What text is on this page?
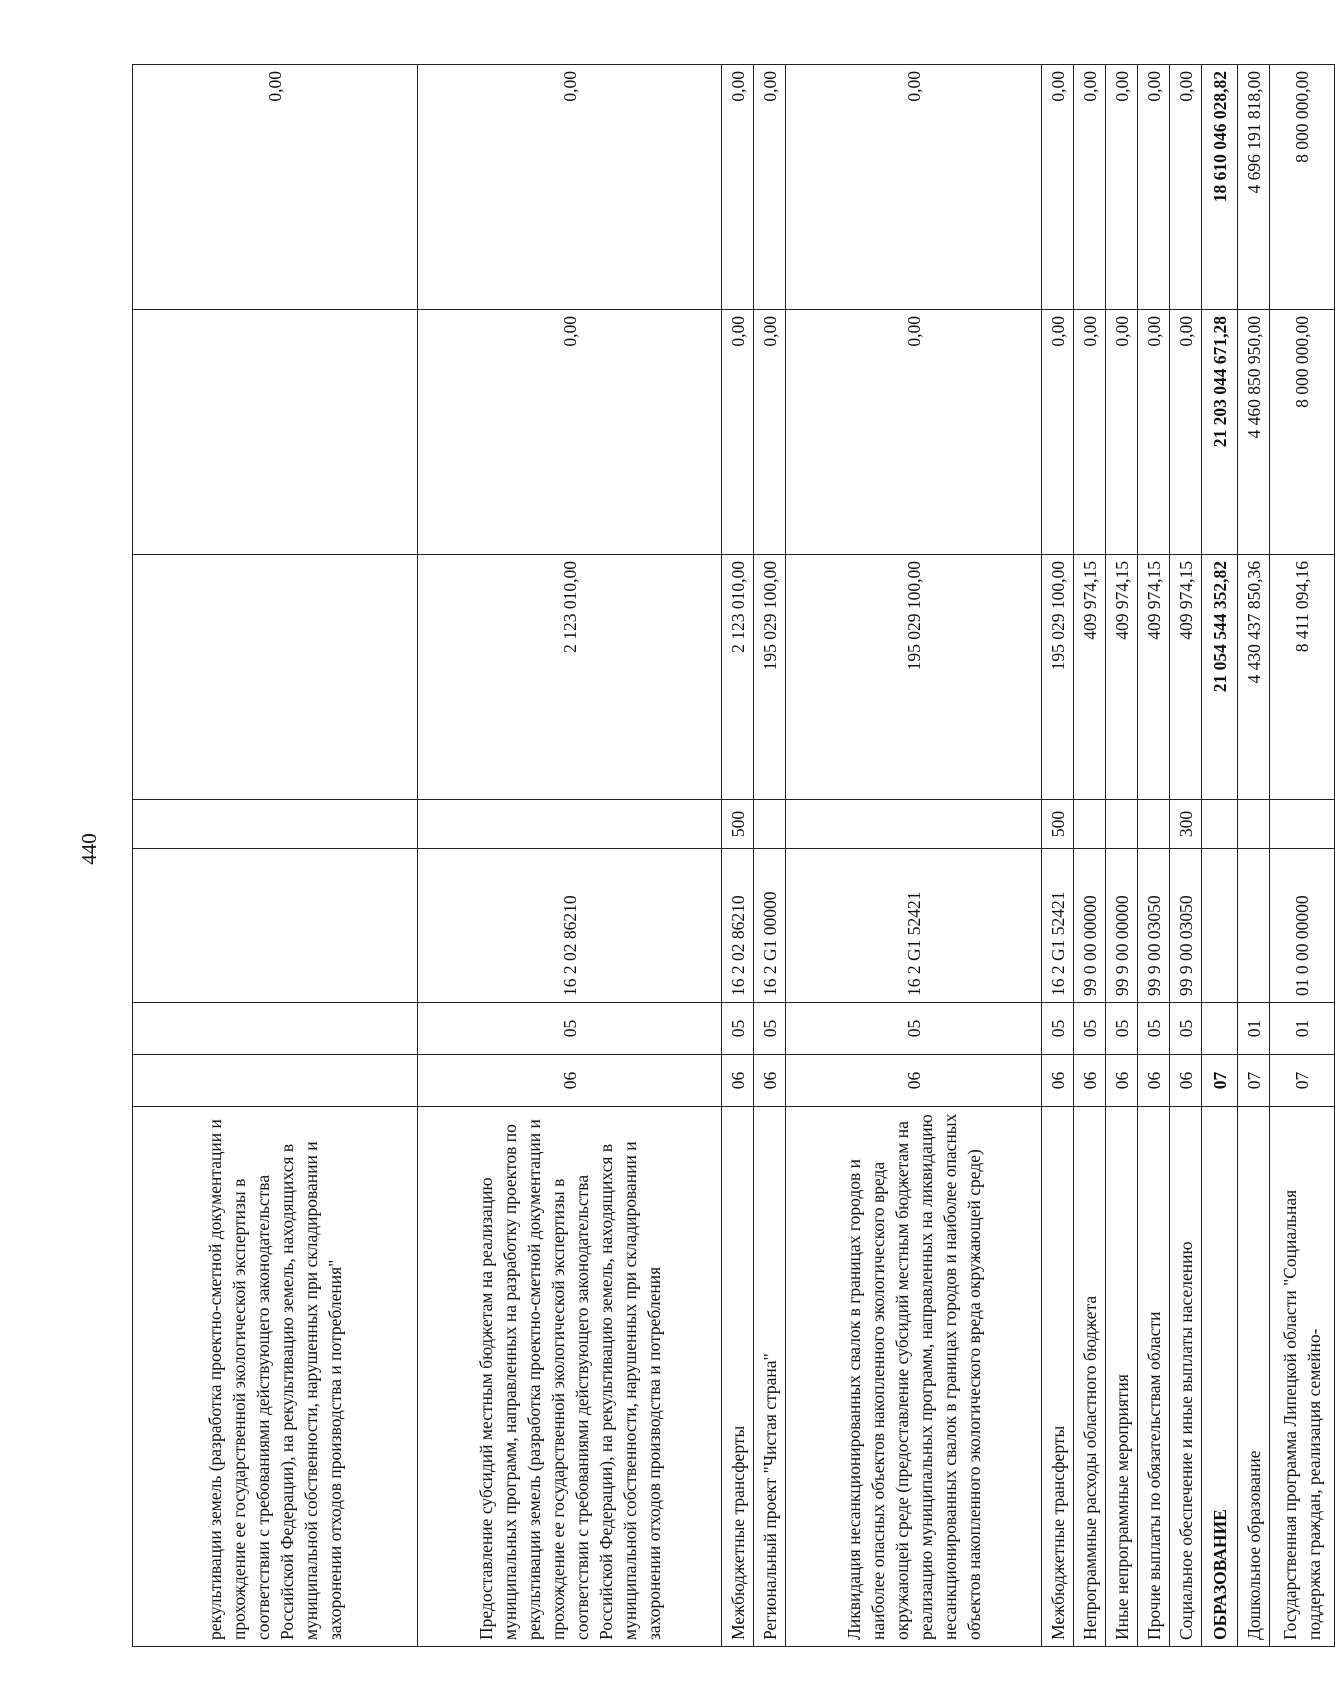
440
рекультивации земель (разработка проектно-сметной документации и прохождение ее государственной экологической экспертизы в соответствии с требованиями действующего законодательства Российской Федерации), на рекультивацию земель, находящихся в муниципальной собственности, нарушенных при складировании и захоронении отходов производства и потребления"							0,00
Предоставление субсидий местным бюджетам на реализацию муниципальных программ, направленных на разработку проектов по рекультивации земель (разработка проектно-сметной документации и прохождение ее государственной экологической экспертизы в соответствии с требованиями действующего законодательства Российской Федерации), на рекультивацию земель, находящихся в муниципальной собственности, нарушенных при складировании и захоронении отходов производства и потребления	06	05	16 2 02 86210		2 123 010,00	0,00	0,00
Межбюджетные трансферты	06	05	16 2 02 86210	500	2 123 010,00	0,00	0,00
Региональный проект "Чистая страна"	06	05	16 2 G1 00000		195 029 100,00	0,00	0,00
Ликвидация несанкционированных свалок в границах городов и наиболее опасных объектов накопленного экологического вреда окружающей среде (предоставление субсидий местным бюджетам на реализацию муниципальных программ, направленных на ликвидацию несанкционированных свалок в границах городов и наиболее опасных объектов накопленного экологического вреда окружающей среде)	06	05	16 2 G1 52421		195 029 100,00	0,00	0,00
Межбюджетные трансферты	06	05	16 2 G1 52421	500	195 029 100,00	0,00	0,00
Непрограммные расходы областного бюджета	06	05	99 0 00 00000		409 974,15	0,00	0,00
Иные непрограммные мероприятия	06	05	99 9 00 00000		409 974,15	0,00	0,00
Прочие выплаты по обязательствам области	06	05	99 9 00 03050		409 974,15	0,00	0,00
Социальное обеспечение и иные выплаты населению	06	05	99 9 00 03050	300	409 974,15	0,00	0,00
ОБРАЗОВАНИЕ	07				21 054 544 352,82	21 203 044 671,28	18 610 046 028,82
Дошкольное образование	07	01			4 430 437 850,36	4 460 850 950,00	4 696 191 818,00
Государственная программа Липецкой области "Социальная поддержка граждан, реализация семейно-	07	01	01 0 00 00000		8 411 094,16	8 000 000,00	8 000 000,00
